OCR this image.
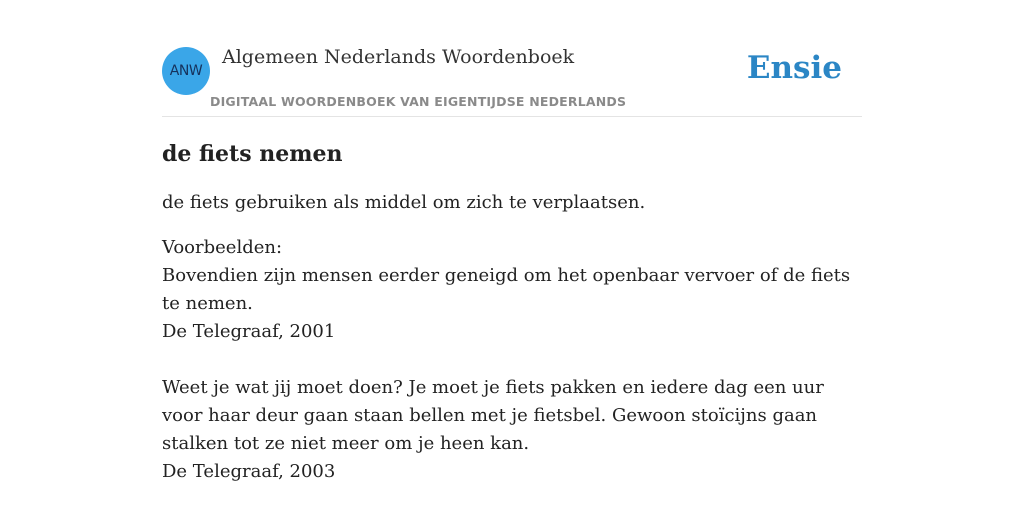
ANW
Algemeen Nederlands Woordenboek
DIGITAAL WOORDENBOEK VAN EIGENTIJDSE NEDERLANDS
Ensie
de fiets nemen

de fiets gebruiken als middel om zich te verplaatsen.

Voorbeelden:

Bovendien zijn mensen eerder geneigd om het openbaar vervoer of de fiets te nemen.

De Telegraaf, 2001

Weet je wat jij moet doen? Je moet je fiets pakken en iedere dag een uur voor haar deur gaan staan bellen met je fietsbel. Gewoon stoïcijns gaan stalken tot ze niet meer om je heen kan.

De Telegraaf, 2003
